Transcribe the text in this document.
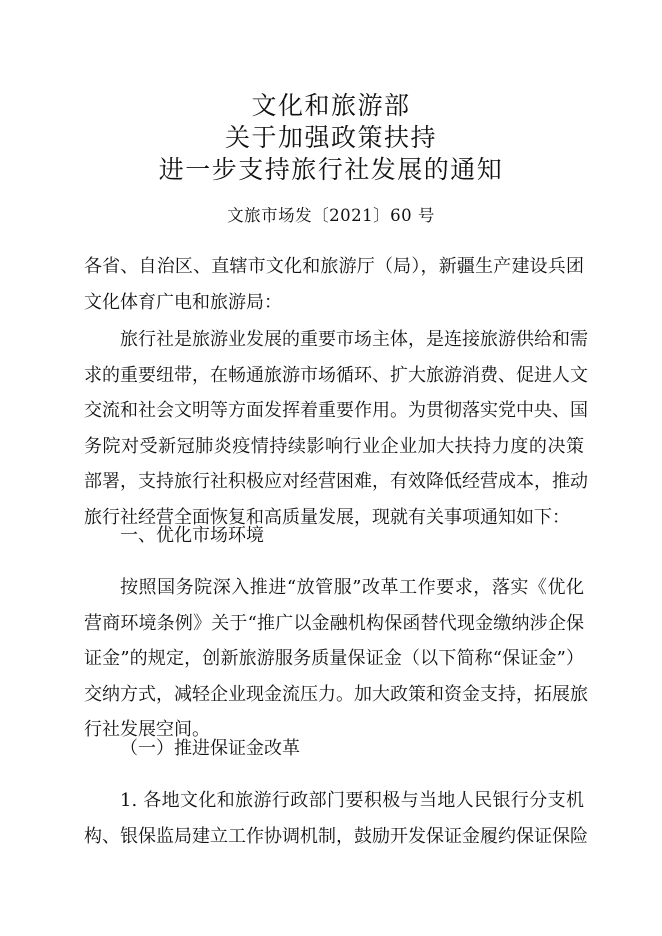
文化和旅游部
关于加强政策扶持
进一步支持旅行社发展的通知
文旅市场发〔2021〕60 号
各省、自治区、直辖市文化和旅游厅（局），新疆生产建设兵团
文化体育广电和旅游局：
旅行社是旅游业发展的重要市场主体，是连接旅游供给和需
求的重要纽带，在畅通旅游市场循环、扩大旅游消费、促进人文
交流和社会文明等方面发挥着重要作用。为贯彻落实党中央、国
务院对受新冠肺炎疫情持续影响行业企业加大扶持力度的决策
部署，支持旅行社积极应对经营困难，有效降低经营成本，推动
旅行社经营全面恢复和高质量发展，现就有关事项通知如下：
一、优化市场环境
按照国务院深入推进“放管服”改革工作要求，落实《优化
营商环境条例》关于“推广以金融机构保函替代现金缴纳涉企保
证金”的规定，创新旅游服务质量保证金（以下简称“保证金”）
交纳方式，减轻企业现金流压力。加大政策和资金支持，拓展旅
行社发展空间。
（一）推进保证金改革
1. 各地文化和旅游行政部门要积极与当地人民银行分支机
构、银保监局建立工作协调机制，鼓励开发保证金履约保证保险
